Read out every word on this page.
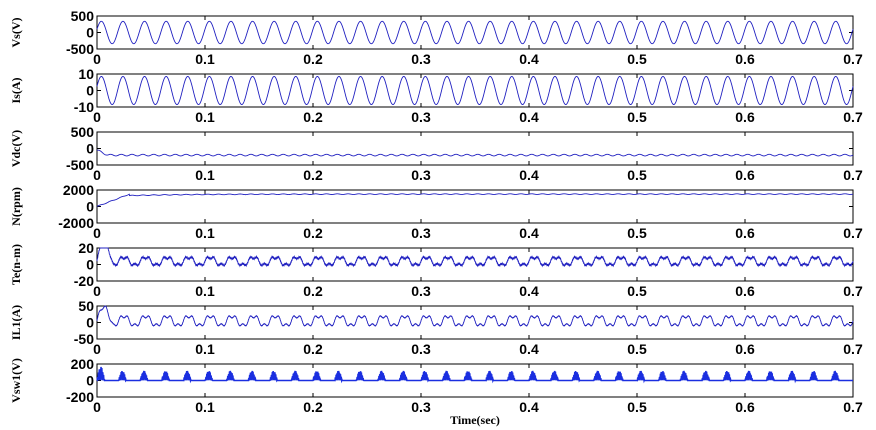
0	0.1	0.2	0.3	0.4	0.5	0.6	0.7
500
0
-500
Vs(V)
0	0.1	0.2	0.3	0.4	0.5	0.6	0.7
10
0
-10
Is(A)
0	0.1	0.2	0.3	0.4	0.5	0.6	0.7
500
0
-500
Vdc(V)
0	0.1	0.2	0.3	0.4	0.5	0.6	0.7
2000
0
-2000
N(rpm)
0	0.1	0.2	0.3	0.4	0.5	0.6	0.7
20
0
-20
Te(n-m)
0	0.1	0.2	0.3	0.4	0.5	0.6	0.7
50
0
-50
IL1(A)
0	0.1	0.2	0.3	0.4	0.5	0.6	0.7
200
0
-200
Vsw1(V)
Time(sec)
